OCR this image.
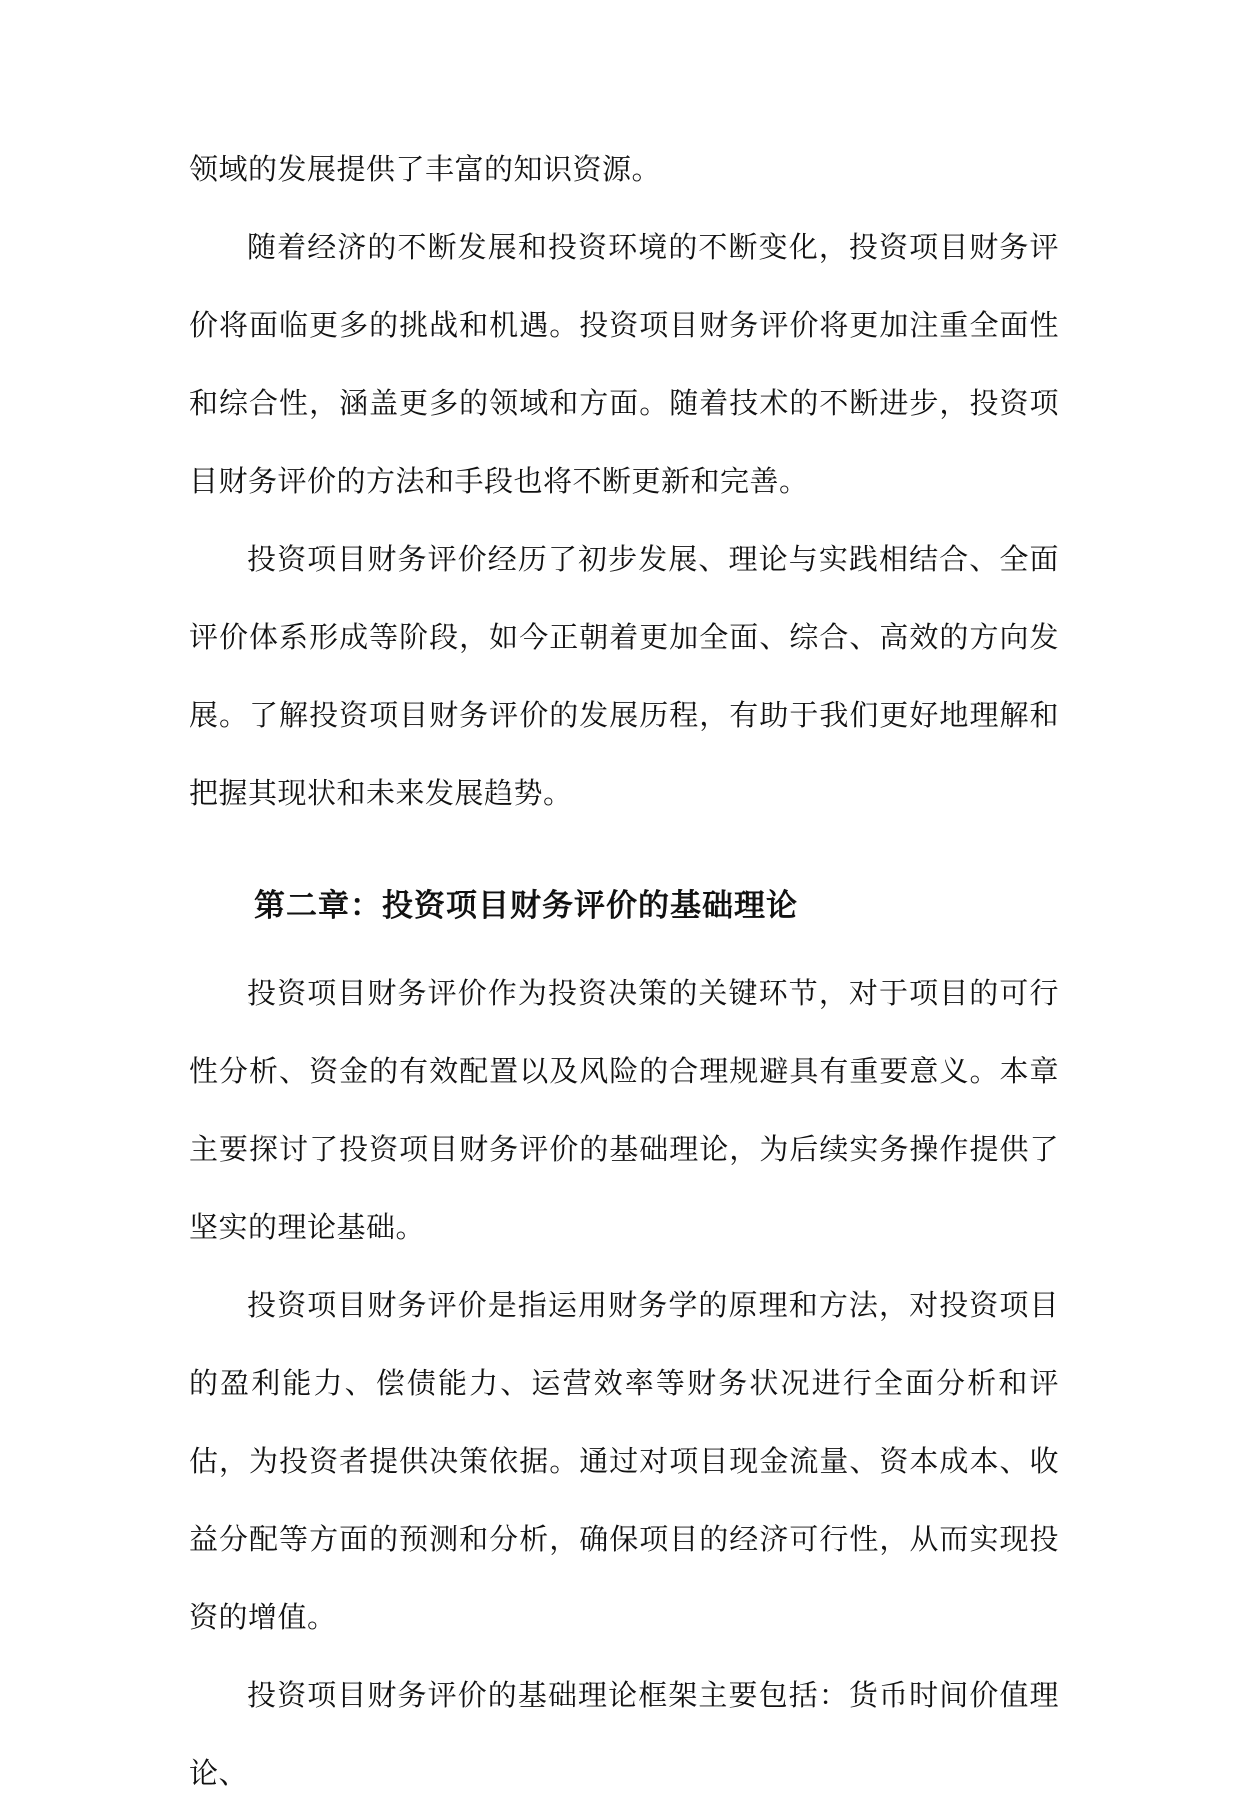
领域的发展提供了丰富的知识资源。

随着经济的不断发展和投资环境的不断变化，投资项目财务评价将面临更多的挑战和机遇。投资项目财务评价将更加注重全面性和综合性，涵盖更多的领域和方面。随着技术的不断进步，投资项目财务评价的方法和手段也将不断更新和完善。

投资项目财务评价经历了初步发展、理论与实践相结合、全面评价体系形成等阶段，如今正朝着更加全面、综合、高效的方向发展。了解投资项目财务评价的发展历程，有助于我们更好地理解和把握其现状和未来发展趋势。

第二章：投资项目财务评价的基础理论

投资项目财务评价作为投资决策的关键环节，对于项目的可行性分析、资金的有效配置以及风险的合理规避具有重要意义。本章主要探讨了投资项目财务评价的基础理论，为后续实务操作提供了坚实的理论基础。

投资项目财务评价是指运用财务学的原理和方法，对投资项目的盈利能力、偿债能力、运营效率等财务状况进行全面分析和评估，为投资者提供决策依据。通过对项目现金流量、资本成本、收益分配等方面的预测和分析，确保项目的经济可行性，从而实现投资的增值。

投资项目财务评价的基础理论框架主要包括：货币时间价值理论、
